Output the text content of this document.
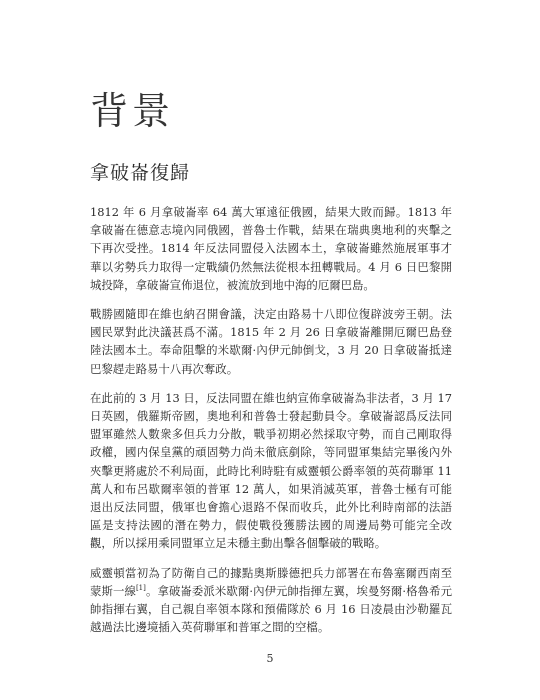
背景
拿破崙復歸

1812 年 6 月拿破崙率 64 萬大軍遠征俄國，結果大敗而歸。1813 年拿破崙在德意志境內同俄國，普魯士作戰，結果在瑞典奧地利的夾擊之下再次受挫。1814 年反法同盟侵入法國本土，拿破崙雖然施展軍事才華以劣勢兵力取得一定戰績仍然無法從根本扭轉戰局。4 月 6 日巴黎開城投降，拿破崙宣佈退位，被流放到地中海的厄爾巴島。

戰勝國隨即在維也納召開會議，決定由路易十八即位復辟波旁王朝。法國民眾對此決議甚爲不滿。1815 年 2 月 26 日拿破崙離開厄爾巴島登陸法國本土。奉命阻擊的米歇爾·內伊元帥倒戈，3 月 20 日拿破崙抵達巴黎趕走路易十八再次奪政。

在此前的 3 月 13 日，反法同盟在維也納宣佈拿破崙為非法者，3 月 17 日英國，俄羅斯帝國，奧地利和普魯士發起動員令。拿破崙認爲反法同盟軍雖然人數衆多但兵力分散，戰爭初期必然採取守勢，而自己剛取得政權，國内保皇黨的頑固勢力尚未徹底剷除，等同盟軍集結完畢後內外夾擊更將處於不利局面，此時比利時駐有威靈頓公爵率領的英荷聯軍 11 萬人和布呂歇爾率領的普軍 12 萬人，如果消滅英軍，普魯士極有可能退出反法同盟，俄軍也會擔心退路不保而收兵，此外比利時南部的法語區是支持法國的潛在勢力，假使戰役獲勝法國的周邊局勢可能完全改觀，所以採用乘同盟軍立足未穩主動出擊各個擊破的戰略。

威靈頓當初為了防衛自己的據點奧斯滕德把兵力部署在布魯塞爾西南至蒙斯一線[1]。拿破崙委派米歇爾·內伊元帥指揮左翼，埃曼努爾·格魯希元帥指揮右翼，自己親自率領本隊和預備隊於 6 月 16 日凌晨由沙勒羅瓦越過法比邊境插入英荷聯軍和普軍之間的空檔。

5
